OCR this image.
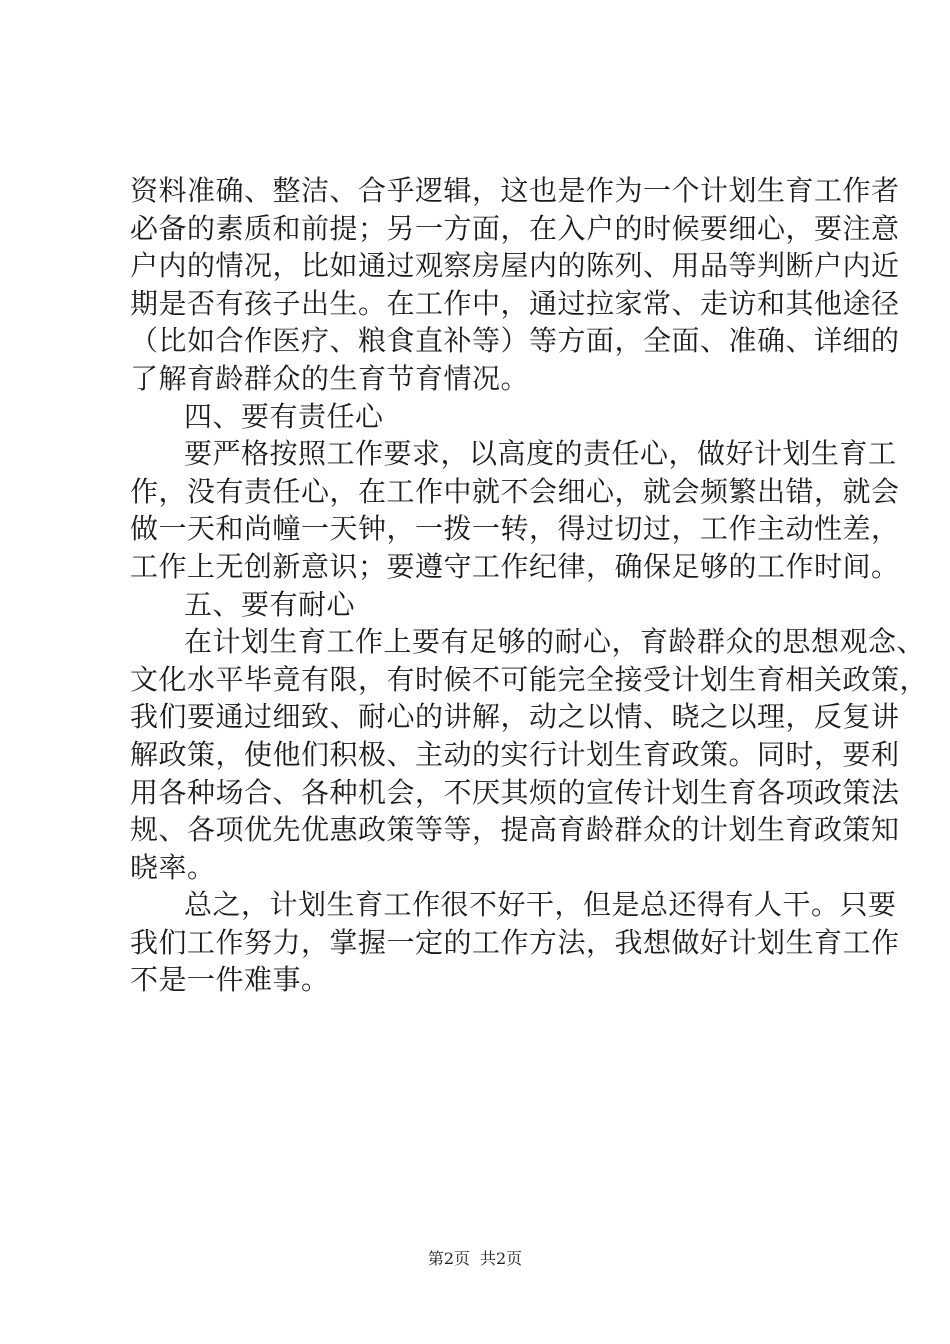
资料准确、整洁、合乎逻辑，这也是作为一个计划生育工作者
必备的素质和前提；另一方面，在入户的时候要细心，要注意
户内的情况，比如通过观察房屋内的陈列、用品等判断户内近
期是否有孩子出生。在工作中，通过拉家常、走访和其他途径
（比如合作医疗、粮食直补等）等方面，全面、准确、详细的
了解育龄群众的生育节育情况。
四、要有责任心
要严格按照工作要求，以高度的责任心，做好计划生育工
作，没有责任心，在工作中就不会细心，就会频繁出错，就会
做一天和尚幢一天钟，一拨一转，得过切过，工作主动性差，
工作上无创新意识；要遵守工作纪律，确保足够的工作时间。
五、要有耐心
在计划生育工作上要有足够的耐心，育龄群众的思想观念、
文化水平毕竟有限，有时候不可能完全接受计划生育相关政策，
我们要通过细致、耐心的讲解，动之以情、晓之以理，反复讲
解政策，使他们积极、主动的实行计划生育政策。同时，要利
用各种场合、各种机会，不厌其烦的宣传计划生育各项政策法
规、各项优先优惠政策等等，提高育龄群众的计划生育政策知
晓率。
总之，计划生育工作很不好干，但是总还得有人干。只要
我们工作努力，掌握一定的工作方法，我想做好计划生育工作
不是一件难事。
第2页 共2页
